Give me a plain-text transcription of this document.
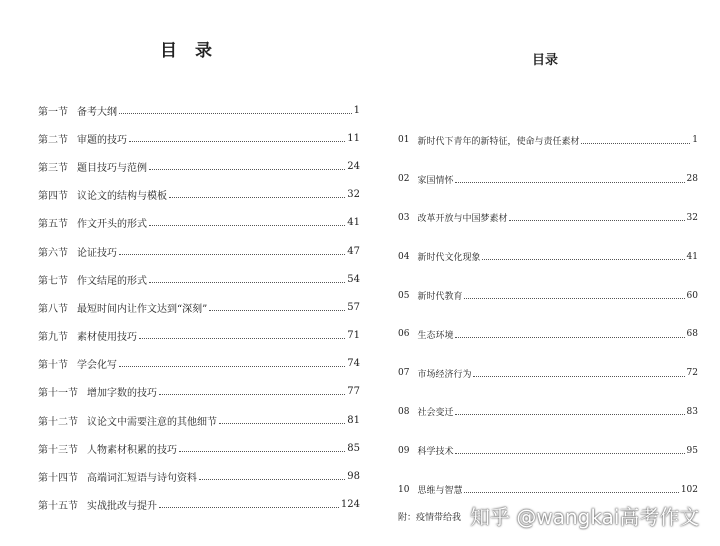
目 录
第一节 备考大纲	1
第二节 审题的技巧	11
第三节 题目技巧与范例	24
第四节 议论文的结构与模板	32
第五节 作文开头的形式	41
第六节 论证技巧	47
第七节 作文结尾的形式	54
第八节 最短时间内让作文达到“深刻”	57
第九节 素材使用技巧	71
第十节 学会化写	74
第十一节 增加字数的技巧	77
第十二节 议论文中需要注意的其他细节	81
第十三节 人物素材积累的技巧	85
第十四节 高端词汇短语与诗句资料	98
第十五节 实战批改与提升	124
目录
01 新时代下青年的新特征，使命与责任素材	1
02 家国情怀	28
03 改革开放与中国梦素材	32
04 新时代文化现象	41
05 新时代教育	60
06 生态环境	68
07 市场经济行为	72
08 社会变迁	83
09 科学技术	95
10 思维与智慧	102
附：疫情带给我 知乎 @wangkai高考作文
